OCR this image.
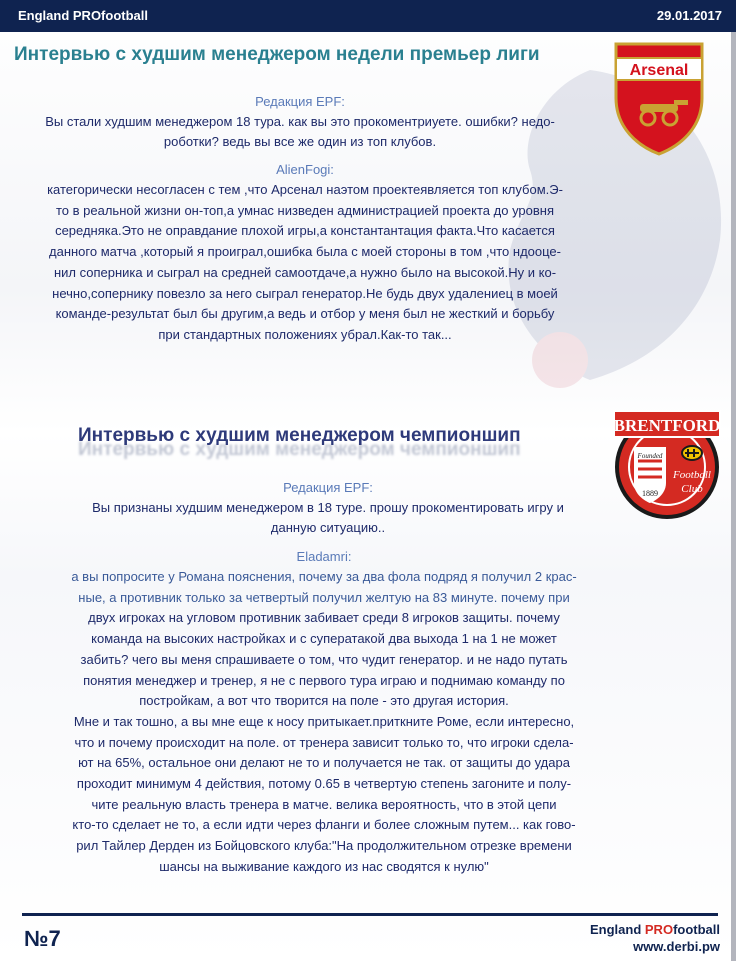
England PROfootball	29.01.2017
Интервью с худшим менеджером недели премьер лиги
Arsenal
Редакция EPF:
Вы стали худшим менеджером 18 тура. как вы это прокоментриуете. ошибки? недо-
роботки? ведь вы все же один из топ клубов.
AlienFogi:
категорически несогласен с тем ,что Арсенал наэтом проектеявляется топ клубом.Э-
то в реальной жизни он-топ,а умнас низведен администрацией проекта до уровня
середняка.Это не оправдание плохой игры,а константантация факта.Что касается
данного матча ,который я проиграл,ошибка была с моей стороны в том ,что ндооце-
нил соперника и сыграл на средней самоотдаче,а нужно было на высокой.Ну и ко-
нечно,сопернику повезло за него сыграл генератор.Не будь двух удалениeц в моей
команде-результат был бы другим,а ведь и отбор у меня был не жесткий и борьбу
при стандартных положениях убрал.Как-то так...
Интервью с худшим менеджером чемпионшип	BRENTFORD
Founded
1889
Football
Club
Редакция EPF:
Вы признаны худшим менеджером в 18 туре. прошу прокоментировать игру и
данную ситуацию..
Eladamri:
а вы попросите у Романа пояснения, почему за два фола подряд я получил 2 крас-
ные, а противник только за четвертый получил желтую на 83 минуте. почему при
двух игроках на угловом противник забивает среди 8 игроков защиты. почему
команда на высоких настройках и с суператакой два выхода 1 на 1 не может
забить? чего вы меня спрашиваете о том, что чудит генератор. и не надо путать
понятия менеджер и тренер, я не с первого тура играю и поднимаю команду по
постройкам, а вот что творится на поле - это другая история.
Мне и так тошно, а вы мне еще к носу притыкает.приткните Роме, если интересно,
что и почему происходит на поле. от тренера зависит только то, что игроки сдела-
ют на 65%, остальное они делают не то и получается не так. от защиты до удара
проходит минимум 4 действия, потому 0.65 в четвертую степень загоните и полу-
чите реальную власть тренера в матче. велика вероятность, что в этой цепи
кто-то сделает не то, а если идти через фланги и более сложным путем... как гово-
рил Тайлер Дерден из Бойцовского клуба:"На продолжительном отрезке времени
шансы на выживание каждого из нас сводятся к нулю"
№7	England PROfootball
www.derbi.pw
